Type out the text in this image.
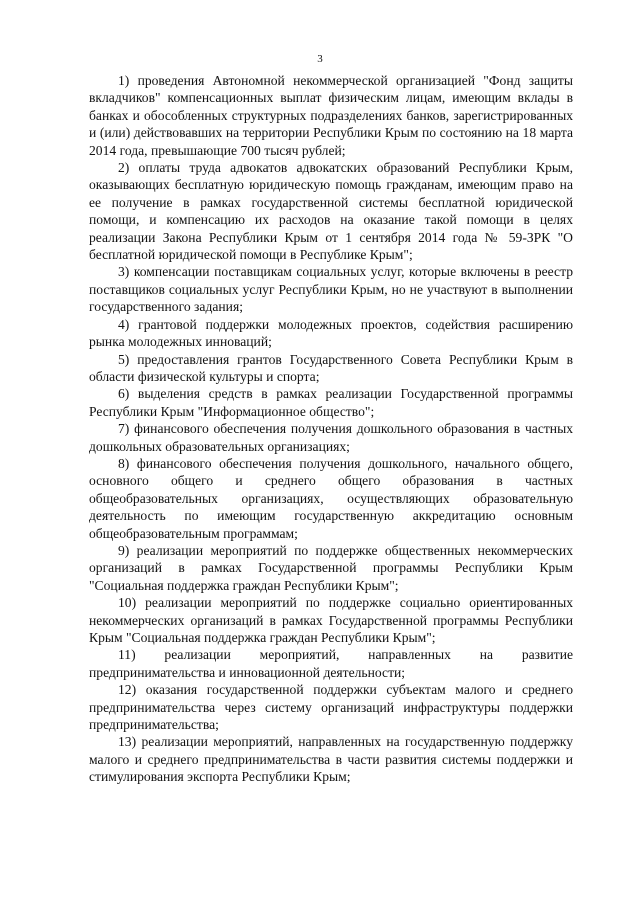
3

1) проведения Автономной некоммерческой организацией "Фонд защиты вкладчиков" компенсационных выплат физическим лицам, имеющим вклады в банках и обособленных структурных подразделениях банков, зарегистрированных и (или) действовавших на территории Республики Крым по состоянию на 18 марта 2014 года, превышающие 700 тысяч рублей;

2) оплаты труда адвокатов адвокатских образований Республики Крым, оказывающих бесплатную юридическую помощь гражданам, имеющим право на ее получение в рамках государственной системы бесплатной юридической помощи, и компенсацию их расходов на оказание такой помощи в целях реализации Закона Республики Крым от 1 сентября 2014 года № 59-ЗРК "О бесплатной юридической помощи в Республике Крым";

3) компенсации поставщикам социальных услуг, которые включены в реестр поставщиков социальных услуг Республики Крым, но не участвуют в выполнении государственного задания;

4) грантовой поддержки молодежных проектов, содействия расширению рынка молодежных инноваций;

5) предоставления грантов Государственного Совета Республики Крым в области физической культуры и спорта;

6) выделения средств в рамках реализации Государственной программы Республики Крым "Информационное общество";

7) финансового обеспечения получения дошкольного образования в частных дошкольных образовательных организациях;

8) финансового обеспечения получения дошкольного, начального общего, основного общего и среднего общего образования в частных общеобразовательных организациях, осуществляющих образовательную деятельность по имеющим государственную аккредитацию основным общеобразовательным программам;

9) реализации мероприятий по поддержке общественных некоммерческих организаций в рамках Государственной программы Республики Крым "Социальная поддержка граждан Республики Крым";

10) реализации мероприятий по поддержке социально ориентированных некоммерческих организаций в рамках Государственной программы Республики Крым "Социальная поддержка граждан Республики Крым";

11) реализации мероприятий, направленных на развитие предпринимательства и инновационной деятельности;

12) оказания государственной поддержки субъектам малого и среднего предпринимательства через систему организаций инфраструктуры поддержки предпринимательства;

13) реализации мероприятий, направленных на государственную поддержку малого и среднего предпринимательства в части развития системы поддержки и стимулирования экспорта Республики Крым;
